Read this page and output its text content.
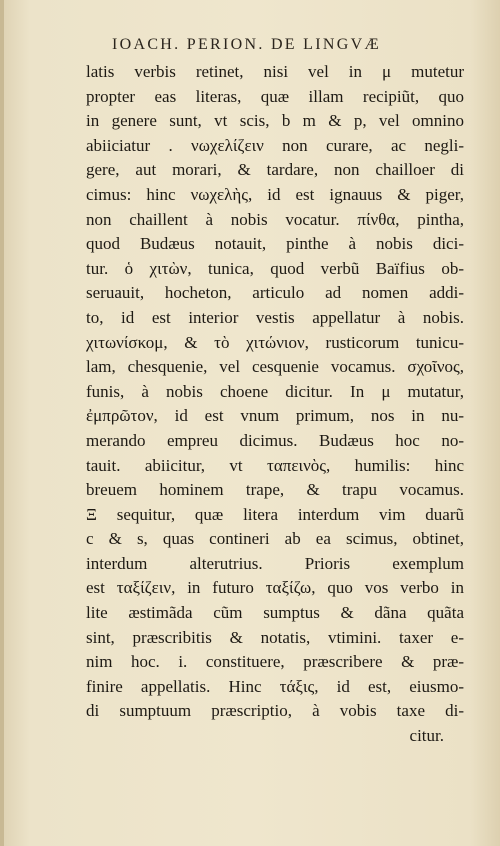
IOACH. PERION. DE LINGVÆ
latis verbis retinet, nisi vel in μ mutetur
propter eas literas, quæ illam recipiũt, quo
in genere sunt, vt scis, b m & p, vel omnino
abiiciatur . νωχελίζειν non curare, ac negli-
gere, aut morari, & tardare, non chailloer di
cimus: hinc νωχελὴς, id est ignauus & piger,
non chaillent à nobis vocatur. πίνθα, pintha,
quod Budæus notauit, pinthe à nobis dici-
tur. ὁ χιτὼν, tunica, quod verbũ Baïfius ob-
seruauit, hocheton, articulo ad nomen addi-
to, id est interior vestis appellatur à nobis.
χιτωνίσκομ, & τὸ χιτώνιον, rusticorum tunicu-
lam, chesquenie, vel cesquenie vocamus. σχοῖνος,
funis, à nobis choene dicitur. In μ mutatur,
ἐμπρῶτον, id est vnum primum, nos in nu-
merando empreu dicimus. Budæus hoc no-
tauit. abiicitur, vt ταπεινὸς, humilis: hinc
breuem hominem trape, & trapu vocamus.
Ξ sequitur, quæ litera interdum vim duarũ
c & s, quas contineri ab ea scimus, obtinet,
interdum alterutrius. Prioris exemplum
est ταξίζειν, in futuro ταξίζω, quo vos verbo in
lite æstimãda cũm sumptus & dãna quãta
sint, præscribitis & notatis, vtimini. taxer e-
nim hoc. i. constituere, præscribere & præ-
finire appellatis. Hinc τάξις, id est, eiusmo-
di sumptuum præscriptio, à vobis taxe di-
citur.
